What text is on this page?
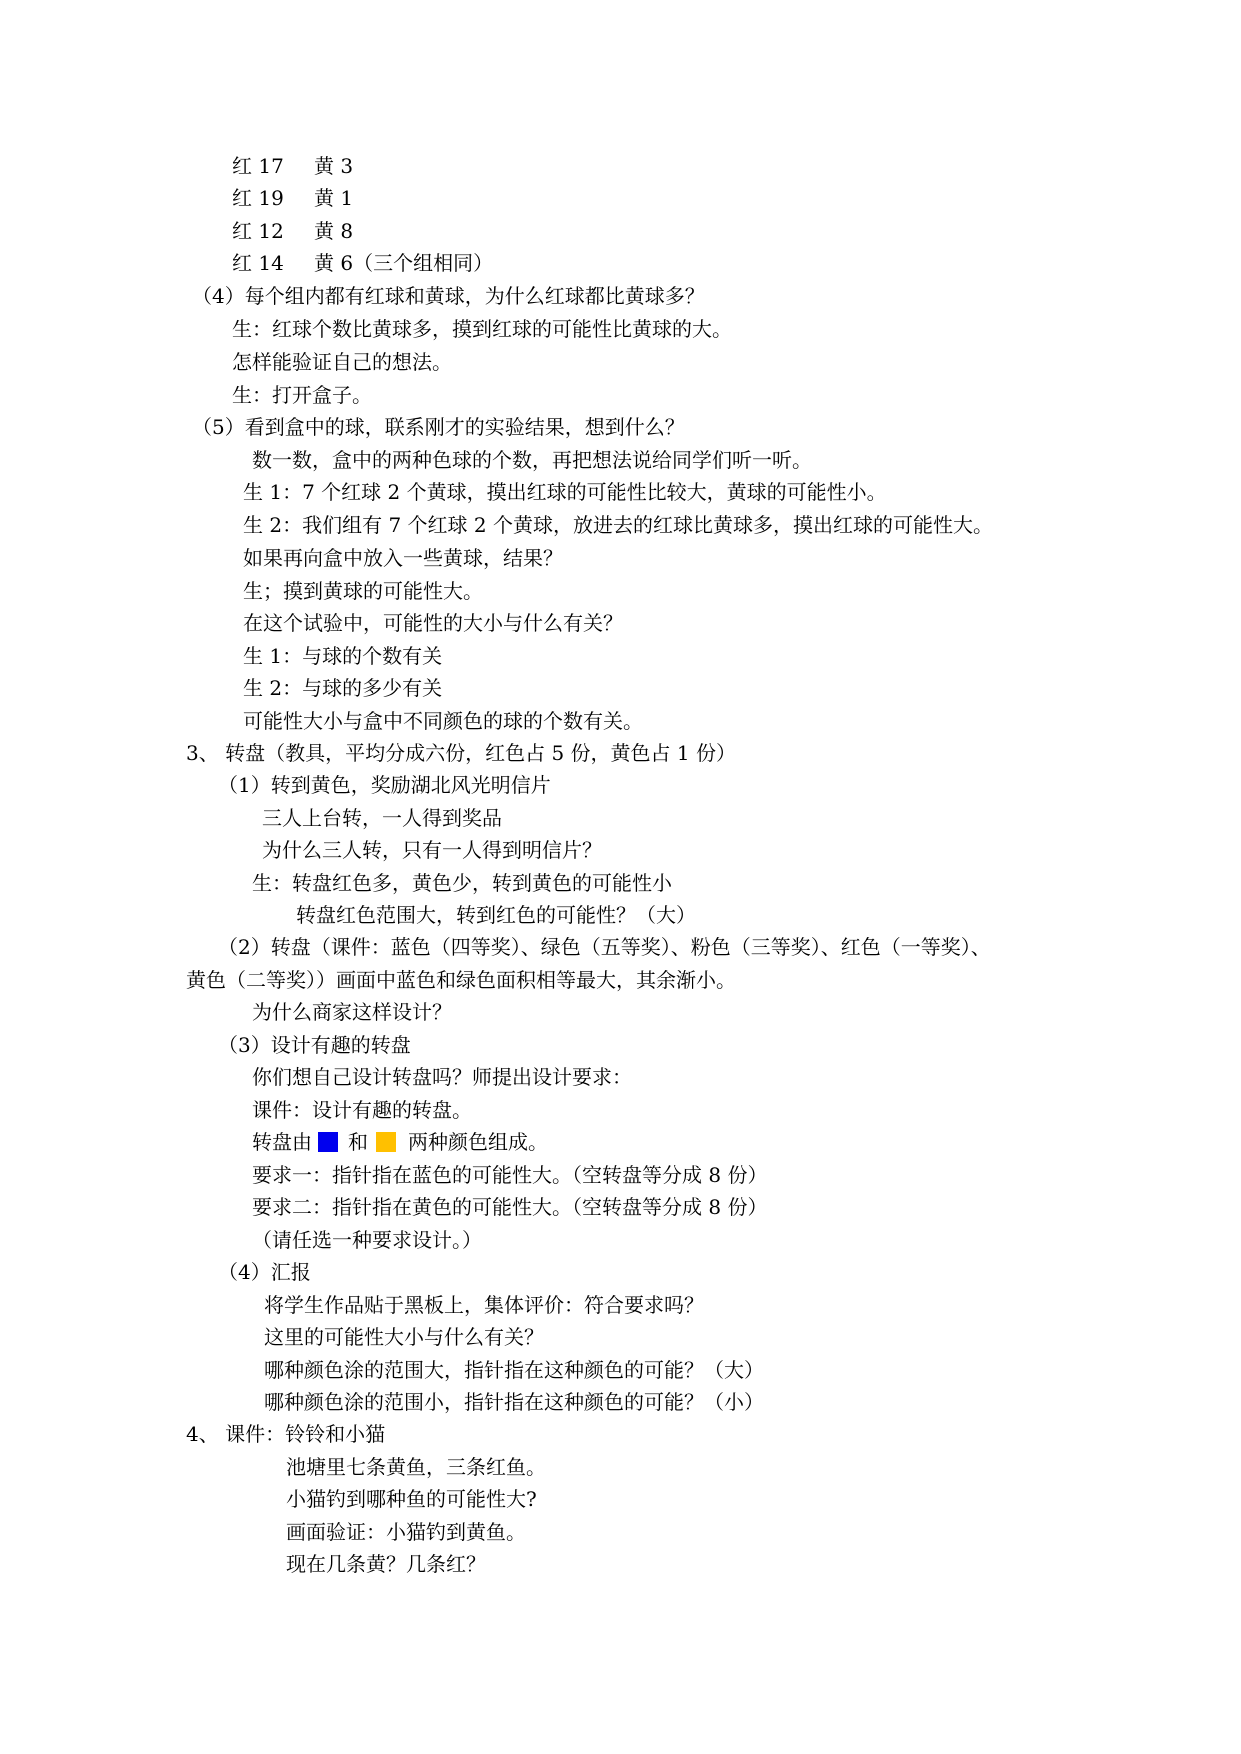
红 17 黄 3
红 19 黄 1
红 12 黄 8
红 14 黄 6（三个组相同）
（4）每个组内都有红球和黄球，为什么红球都比黄球多？
生：红球个数比黄球多，摸到红球的可能性比黄球的大。
怎样能验证自己的想法。
生：打开盒子。
（5）看到盒中的球，联系刚才的实验结果，想到什么？
数一数，盒中的两种色球的个数，再把想法说给同学们听一听。
生 1：7 个红球 2 个黄球，摸出红球的可能性比较大，黄球的可能性小。
生 2：我们组有 7 个红球 2 个黄球，放进去的红球比黄球多，摸出红球的可能性大。
如果再向盒中放入一些黄球，结果？
生；摸到黄球的可能性大。
在这个试验中，可能性的大小与什么有关？
生 1：与球的个数有关
生 2：与球的多少有关
可能性大小与盒中不同颜色的球的个数有关。
3、 转盘（教具，平均分成六份，红色占 5 份，黄色占 1 份）
（1）转到黄色，奖励湖北风光明信片
三人上台转，一人得到奖品
为什么三人转，只有一人得到明信片？
生：转盘红色多，黄色少，转到黄色的可能性小
转盘红色范围大，转到红色的可能性？（大）
（2）转盘（课件：蓝色（四等奖）、绿色（五等奖）、粉色（三等奖）、红色（一等奖）、
黄色（二等奖））画面中蓝色和绿色面积相等最大，其余渐小。
为什么商家这样设计？
（3）设计有趣的转盘
你们想自己设计转盘吗？师提出设计要求：
课件：设计有趣的转盘。
转盘由 和 两种颜色组成。
要求一：指针指在蓝色的可能性大。（空转盘等分成 8 份）
要求二：指针指在黄色的可能性大。（空转盘等分成 8 份）
（请任选一种要求设计。）
（4）汇报
将学生作品贴于黑板上，集体评价：符合要求吗？
这里的可能性大小与什么有关？
哪种颜色涂的范围大，指针指在这种颜色的可能？（大）
哪种颜色涂的范围小，指针指在这种颜色的可能？（小）
4、 课件：铃铃和小猫
池塘里七条黄鱼，三条红鱼。
小猫钓到哪种鱼的可能性大?
画面验证：小猫钓到黄鱼。
现在几条黄？几条红？
